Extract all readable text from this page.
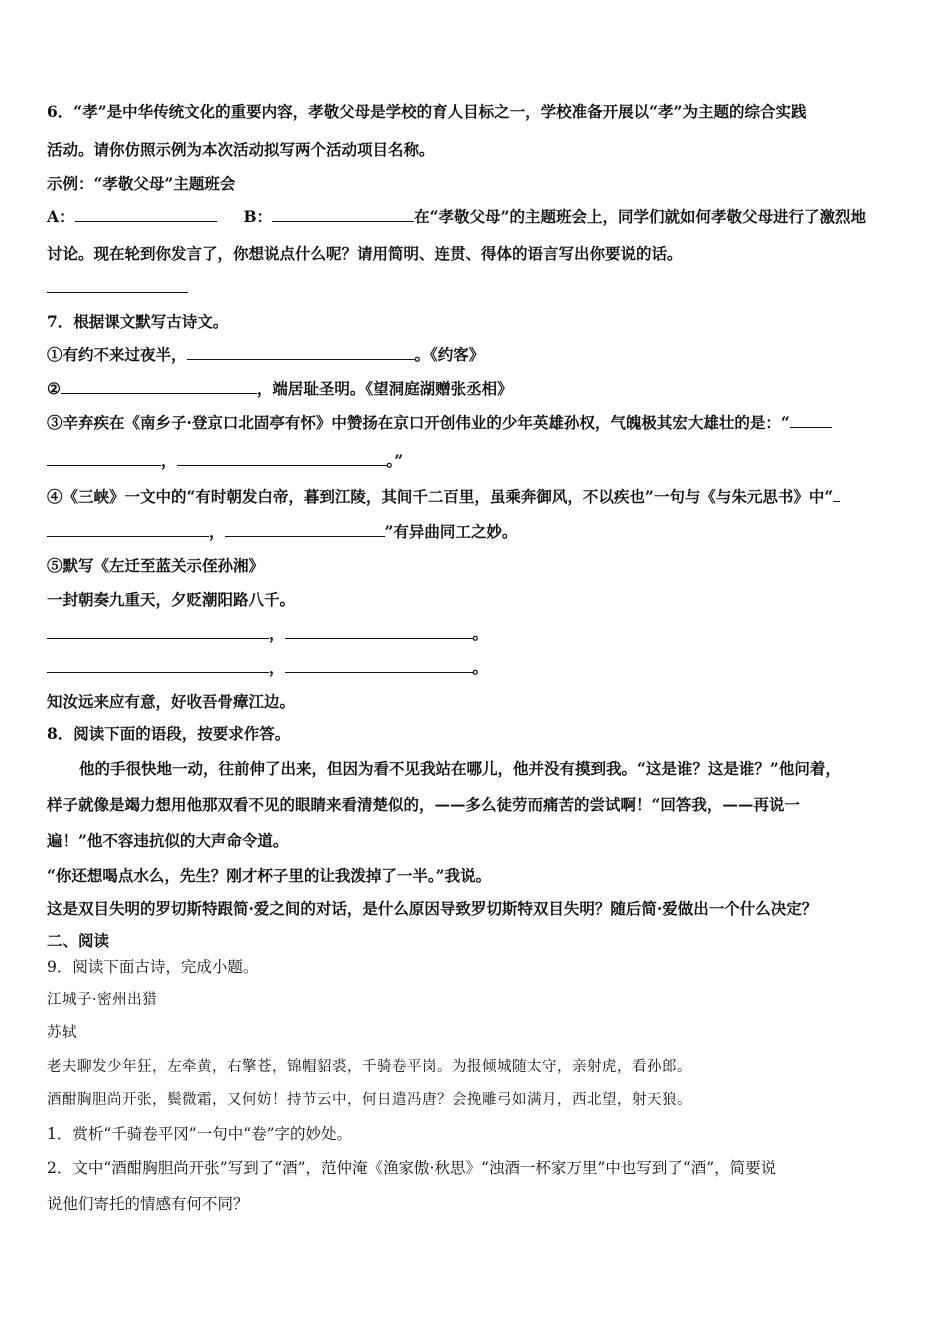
6．“孝”是中华传统文化的重要内容，孝敬父母是学校的育人目标之一，学校准备开展以“孝”为主题的综合实践
活动。请你仿照示例为本次活动拟写两个活动项目名称。
示例：“孝敬父母”主题班会
A：	B：	在“孝敬父母”的主题班会上，同学们就如何孝敬父母进行了激烈地
讨论。现在轮到你发言了，你想说点什么呢？请用简明、连贯、得体的语言写出你要说的话。
7．根据课文默写古诗文。
①有约不来过夜半，	。《约客》
②	，端居耻圣明。《望洞庭湖赠张丞相》
③辛弃疾在《南乡子·登京口北固亭有怀》中赞扬在京口开创伟业的少年英雄孙权，气魄极其宏大雄壮的是：“
，	。”
④《三峡》一文中的“有时朝发白帝，暮到江陵，其间千二百里，虽乘奔御风，不以疾也”一句与《与朱元思书》中“
，	”有异曲同工之妙。
⑤默写《左迁至蓝关示侄孙湘》
一封朝奏九重天，夕贬潮阳路八千。
，	。
，	。
知汝远来应有意，好收吾骨瘴江边。
8．阅读下面的语段，按要求作答。
他的手很快地一动，往前伸了出来，但因为看不见我站在哪儿，他并没有摸到我。“这是谁？这是谁？”他问着，
样子就像是竭力想用他那双看不见的眼睛来看清楚似的，——多么徒劳而痛苦的尝试啊！“回答我，——再说一
遍！”他不容违抗似的大声命令道。
“你还想喝点水么，先生？刚才杯子里的让我泼掉了一半。”我说。
这是双目失明的罗切斯特跟简·爱之间的对话，是什么原因导致罗切斯特双目失明？随后简·爱做出一个什么决定？
二、阅读
9．阅读下面古诗，完成小题。
江城子·密州出猎
苏轼
老夫聊发少年狂，左牵黄，右擎苍，锦帽貂裘，千骑卷平岗。为报倾城随太守，亲射虎，看孙郎。
酒酣胸胆尚开张，鬓微霜，又何妨！持节云中，何日遣冯唐？会挽雕弓如满月，西北望，射天狼。
1．赏析“千骑卷平冈”一句中“卷”字的妙处。
2．文中“酒酣胸胆尚开张”写到了“酒”，范仲淹《渔家傲·秋思》“浊酒一杯家万里”中也写到了“酒”，简要说
说他们寄托的情感有何不同？
